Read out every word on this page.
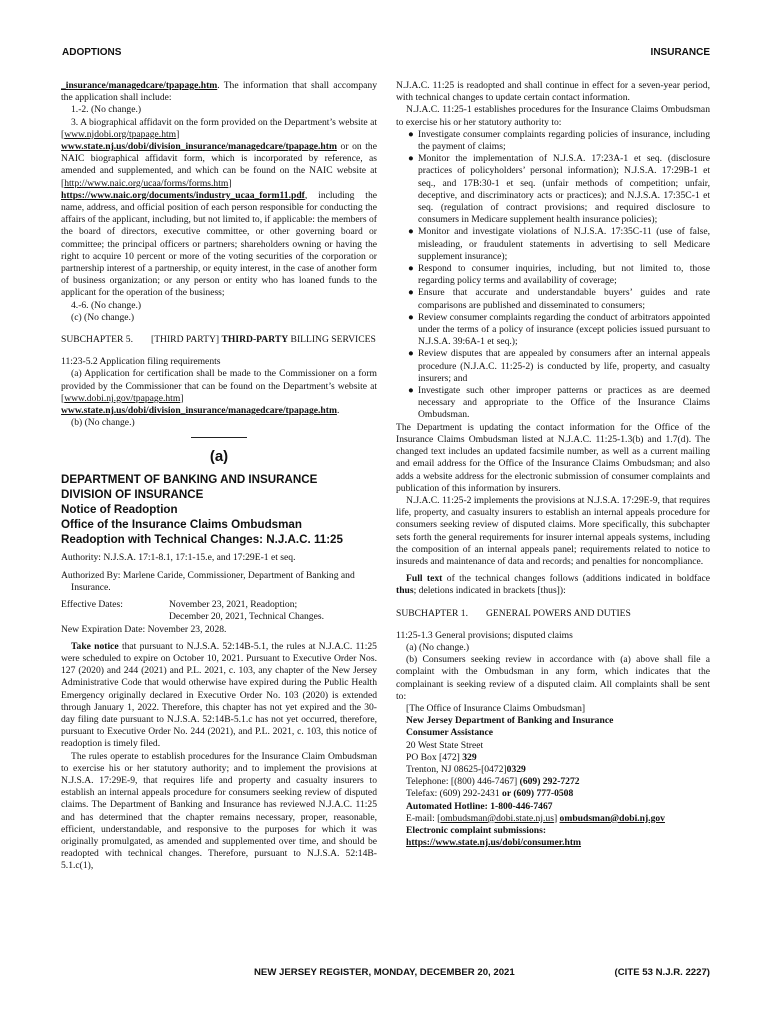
ADOPTIONS	INSURANCE

_insurance/managedcare/tpapage.htm. The information that shall accompany the application shall include:

1.-2. (No change.)

3. A biographical affidavit on the form provided on the Department’s website at [www.njdobi.org/tpapage.htm] www.state.nj.us/dobi/division_insurance/managedcare/tpapage.htm or on the NAIC biographical affidavit form, which is incorporated by reference, as amended and supplemented, and which can be found on the NAIC website at [http://www.naic.org/ucaa/forms/forms.htm] https://www.naic.org/documents/industry_ucaa_form11.pdf, including the name, address, and official position of each person responsible for conducting the affairs of the applicant, including, but not limited to, if applicable: the members of the board of directors, executive committee, or other governing board or committee; the principal officers or partners; shareholders owning or having the right to acquire 10 percent or more of the voting securities of the corporation or partnership interest of a partnership, or equity interest, in the case of another form of business organization; or any person or entity who has loaned funds to the applicant for the operation of the business;

4.-6. (No change.)

(c) (No change.)

SUBCHAPTER 5.	[THIRD PARTY] THIRD-PARTY BILLING SERVICES

11:23-5.2 Application filing requirements

(a) Application for certification shall be made to the Commissioner on a form provided by the Commissioner that can be found on the Department’s website at [www.dobi.nj.gov/tpapage.htm] www.state.nj.us/dobi/division_insurance/managedcare/tpapage.htm.

(b) (No change.)

(a)
DEPARTMENT OF BANKING AND INSURANCE
DIVISION OF INSURANCE
Notice of Readoption
Office of the Insurance Claims Ombudsman
Readoption with Technical Changes: N.J.A.C. 11:25

Authority: N.J.S.A. 17:1-8.1, 17:1-15.e, and 17:29E-1 et seq.

Authorized By: Marlene Caride, Commissioner, Department of Banking and Insurance.

Effective Dates:	November 23, 2021, Readoption;
December 20, 2021, Technical Changes.

New Expiration Date: November 23, 2028.

Take notice that pursuant to N.J.S.A. 52:14B-5.1, the rules at N.J.A.C. 11:25 were scheduled to expire on October 10, 2021. Pursuant to Executive Order Nos. 127 (2020) and 244 (2021) and P.L. 2021, c. 103, any chapter of the New Jersey Administrative Code that would otherwise have expired during the Public Health Emergency originally declared in Executive Order No. 103 (2020) is extended through January 1, 2022. Therefore, this chapter has not yet expired and the 30-day filing date pursuant to N.J.S.A. 52:14B-5.1.c has not yet occurred, therefore, pursuant to Executive Order No. 244 (2021), and P.L. 2021, c. 103, this notice of readoption is timely filed.

The rules operate to establish procedures for the Insurance Claim Ombudsman to exercise his or her statutory authority; and to implement the provisions at N.J.S.A. 17:29E-9, that requires life and property and casualty insurers to establish an internal appeals procedure for consumers seeking review of disputed claims. The Department of Banking and Insurance has reviewed N.J.A.C. 11:25 and has determined that the chapter remains necessary, proper, reasonable, efficient, understandable, and responsive to the purposes for which it was originally promulgated, as amended and supplemented over time, and should be readopted with technical changes. Therefore, pursuant to N.J.S.A. 52:14B-5.1.c(1),

N.J.A.C. 11:25 is readopted and shall continue in effect for a seven-year period, with technical changes to update certain contact information.

N.J.A.C. 11:25-1 establishes procedures for the Insurance Claims Ombudsman to exercise his or her statutory authority to:

● Investigate consumer complaints regarding policies of insurance, including the payment of claims;
● Monitor the implementation of N.J.S.A. 17:23A-1 et seq. (disclosure practices of policyholders’ personal information); N.J.S.A. 17:29B-1 et seq., and 17B:30-1 et seq. (unfair methods of competition; unfair, deceptive, and discriminatory acts or practices); and N.J.S.A. 17:35C-1 et seq. (regulation of contract provisions; and required disclosure to consumers in Medicare supplement health insurance policies);
● Monitor and investigate violations of N.J.S.A. 17:35C-11 (use of false, misleading, or fraudulent statements in advertising to sell Medicare supplement insurance);
● Respond to consumer inquiries, including, but not limited to, those regarding policy terms and availability of coverage;
● Ensure that accurate and understandable buyers’ guides and rate comparisons are published and disseminated to consumers;
● Review consumer complaints regarding the conduct of arbitrators appointed under the terms of a policy of insurance (except policies issued pursuant to N.J.S.A. 39:6A-1 et seq.);
● Review disputes that are appealed by consumers after an internal appeals procedure (N.J.A.C. 11:25-2) is conducted by life, property, and casualty insurers; and
● Investigate such other improper patterns or practices as are deemed necessary and appropriate to the Office of the Insurance Claims Ombudsman.

The Department is updating the contact information for the Office of the Insurance Claims Ombudsman listed at N.J.A.C. 11:25-1.3(b) and 1.7(d). The changed text includes an updated facsimile number, as well as a current mailing and email address for the Office of the Insurance Claims Ombudsman; and also adds a website address for the electronic submission of consumer complaints and publication of this information by insurers.

N.J.A.C. 11:25-2 implements the provisions at N.J.S.A. 17:29E-9, that requires life, property, and casualty insurers to establish an internal appeals procedure for consumers seeking review of disputed claims. More specifically, this subchapter sets forth the general requirements for insurer internal appeals systems, including the composition of an internal appeals panel; requirements related to notice to insureds and maintenance of data and records; and penalties for noncompliance.

Full text of the technical changes follows (additions indicated in boldface thus; deletions indicated in brackets [thus]):

SUBCHAPTER 1.	GENERAL POWERS AND DUTIES

11:25-1.3 General provisions; disputed claims

(a) (No change.)

(b) Consumers seeking review in accordance with (a) above shall file a complaint with the Ombudsman in any form, which indicates that the complainant is seeking review of a disputed claim. All complaints shall be sent to:

[The Office of Insurance Claims Ombudsman]
New Jersey Department of Banking and Insurance
Consumer Assistance
20 West State Street
PO Box [472] 329
Trenton, NJ 08625-[0472]0329
Telephone: [(800) 446-7467] (609) 292-7272
Telefax: (609) 292-2431 or (609) 777-0508
Automated Hotline: 1-800-446-7467
E-mail: [ombudsman@dobi.state.nj.us] ombudsman@dobi.nj.gov
Electronic complaint submissions: https://www.state.nj.us/dobi/consumer.htm
NEW JERSEY REGISTER, MONDAY, DECEMBER 20, 2021	(CITE 53 N.J.R. 2227)
